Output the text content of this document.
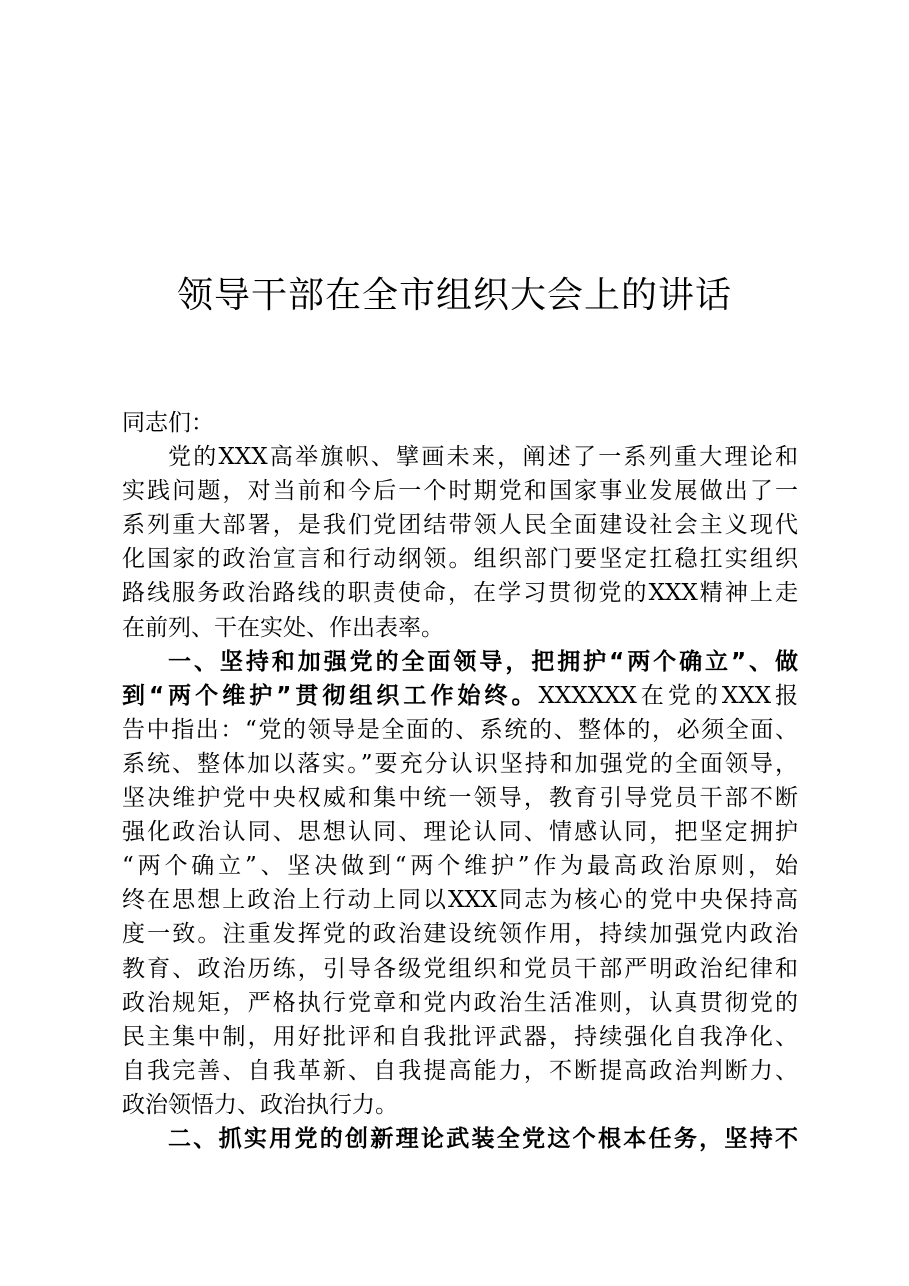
领导干部在全市组织大会上的讲话
同志们：
党的XXX高举旗帜、擘画未来，阐述了一系列重大理论和
实践问题，对当前和今后一个时期党和国家事业发展做出了一
系列重大部署，是我们党团结带领人民全面建设社会主义现代
化国家的政治宣言和行动纲领。组织部门要坚定扛稳扛实组织
路线服务政治路线的职责使命，在学习贯彻党的XXX精神上走
在前列、干在实处、作出表率。
一、坚持和加强党的全面领导，把拥护“两个确立”、做
到“两个维护”贯彻组织工作始终。XXXXXX在党的XXX报
告中指出：“党的领导是全面的、系统的、整体的，必须全面、
系统、整体加以落实。”要充分认识坚持和加强党的全面领导，
坚决维护党中央权威和集中统一领导，教育引导党员干部不断
强化政治认同、思想认同、理论认同、情感认同，把坚定拥护
“两个确立”、坚决做到“两个维护”作为最高政治原则，始
终在思想上政治上行动上同以XXX同志为核心的党中央保持高
度一致。注重发挥党的政治建设统领作用，持续加强党内政治
教育、政治历练，引导各级党组织和党员干部严明政治纪律和
政治规矩，严格执行党章和党内政治生活准则，认真贯彻党的
民主集中制，用好批评和自我批评武器，持续强化自我净化、
自我完善、自我革新、自我提高能力，不断提高政治判断力、
政治领悟力、政治执行力。
二、抓实用党的创新理论武装全党这个根本任务，坚持不
